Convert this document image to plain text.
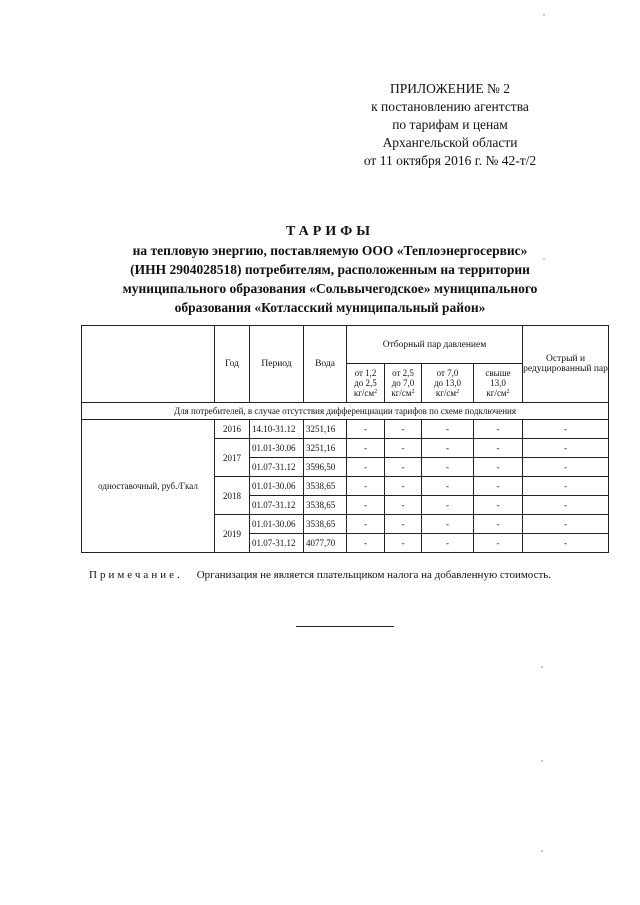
ПРИЛОЖЕНИЕ № 2
к постановлению агентства
по тарифам и ценам
Архангельской области
от 11 октября 2016 г. № 42-т/2
ТАРИФЫ
на тепловую энергию, поставляемую ООО «Теплоэнергосервис»
(ИНН 2904028518) потребителям, расположенным на территории
муниципального образования «Сольвычегодское» муниципального
образования «Котласский муниципальный район»
	Год	Период	Вода	Отборный пар давлением				Острый и редуцированный пар
				от 1,2
до 2,5
$кг/см^2$	от 2,5
до 7,0
$кг/см^2$	от 7,0
до 13,0
$кг/см^2$	свыше
13,0
$кг/см^2$
Для потребителей, в случае отсутствия дифференциации тарифов по схеме подключения								
одноставочный, руб./Гкал	2016	14.10-31.12	3251,16	-	-	-	-	-
	2017	01.01-30.06	3251,16	-	-	-	-	-
		01.07-31.12	3596,50	-	-	-	-	-
	2018	01.01-30.06	3538,65	-	-	-	-	-
		01.07-31.12	3538,65	-	-	-	-	-
	2019	01.01-30.06	3538,65	-	-	-	-	-
		01.07-31.12	4077,70	-	-	-	-	-
Примечание. Организация не является плательщиком налога на добавленную стоимость.
